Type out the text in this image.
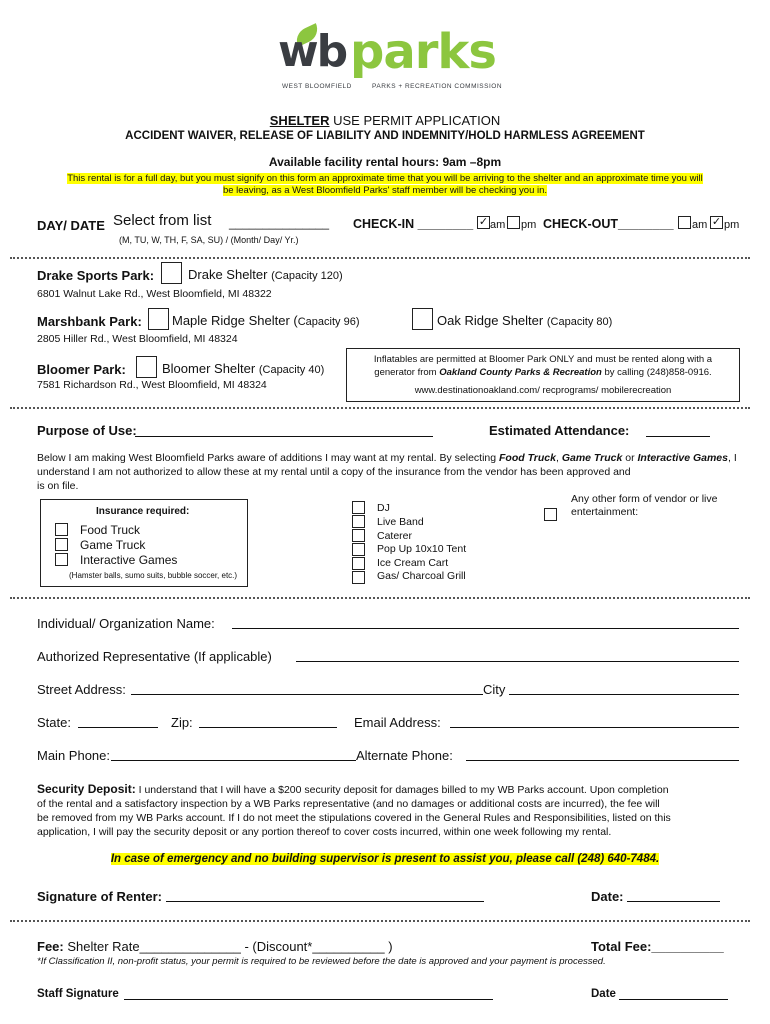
wb parks
WEST BLOOMFIELD	PARKS + RECREATION COMMISSION
SHELTER USE PERMIT APPLICATION
ACCIDENT WAIVER, RELEASE OF LIABILITY AND INDEMNITY/HOLD HARMLESS AGREEMENT
Available facility rental hours: 9am –8pm
This rental is for a full day, but you must signify on this form an approximate time that you will be arriving to the shelter and an approximate time you will
be leaving, as a West Bloomfield Parks' staff member will be checking you in.
DAY/ DATE Select from list _______________ CHECK-IN ________ ✓ am pm CHECK-OUT________ am ✓ pm
(M, TU, W, TH, F, SA, SU) / (Month/ Day/ Yr.)
Drake Sports Park:	Drake Shelter (Capacity 120)
6801 Walnut Lake Rd., West Bloomfield, MI 48322
Marshbank Park: Maple Ridge Shelter (Capacity 96)	Oak Ridge Shelter (Capacity 80)
2805 Hiller Rd., West Bloomfield, MI 48324
Bloomer Park:	Bloomer Shelter (Capacity 40)
7581 Richardson Rd., West Bloomfield, MI 48324
Inflatables are permitted at Bloomer Park ONLY and must be rented along with a
generator from Oakland County Parks & Recreation by calling (248)858-0916.
www.destinationoakland.com/ recprograms/ mobilerecreation
Purpose of Use:	Estimated Attendance:

Below I am making West Bloomfield Parks aware of additions I may want at my rental. By selecting Food Truck, Game Truck or Interactive Games, I understand I am not authorized to allow these at my rental until a copy of the insurance from the vendor has been approved and
is on file.

Insurance required:
Food Truck
Game Truck
Interactive Games
(Hamster balls, sumo suits, bubble soccer, etc.)
DJ
Live Band
Caterer
Pop Up 10x10 Tent
Ice Cream Cart
Gas/ Charcoal Grill
Any other form of vendor or live
entertainment:
Individual/ Organization Name:
Authorized Representative (If applicable)
Street Address:	City
State:	Zip:	Email Address:
Main Phone:	Alternate Phone:

Security Deposit: I understand that I will have a $200 security deposit for damages billed to my WB Parks account. Upon completion
of the rental and a satisfactory inspection by a WB Parks representative (and no damages or additional costs are incurred), the fee will
be removed from my WB Parks account. If I do not meet the stipulations covered in the General Rules and Responsibilities, listed on this
application, I will pay the security deposit or any portion thereof to cover costs incurred, within one week following my rental.

In case of emergency and no building supervisor is present to assist you, please call (248) 640-7484.
Signature of Renter:	Date:
Fee: Shelter Rate______________ - (Discount*__________ )	Total Fee:__________
*If Classification II, non-profit status, your permit is required to be reviewed before the date is approved and your payment is processed.
Staff Signature	Date
